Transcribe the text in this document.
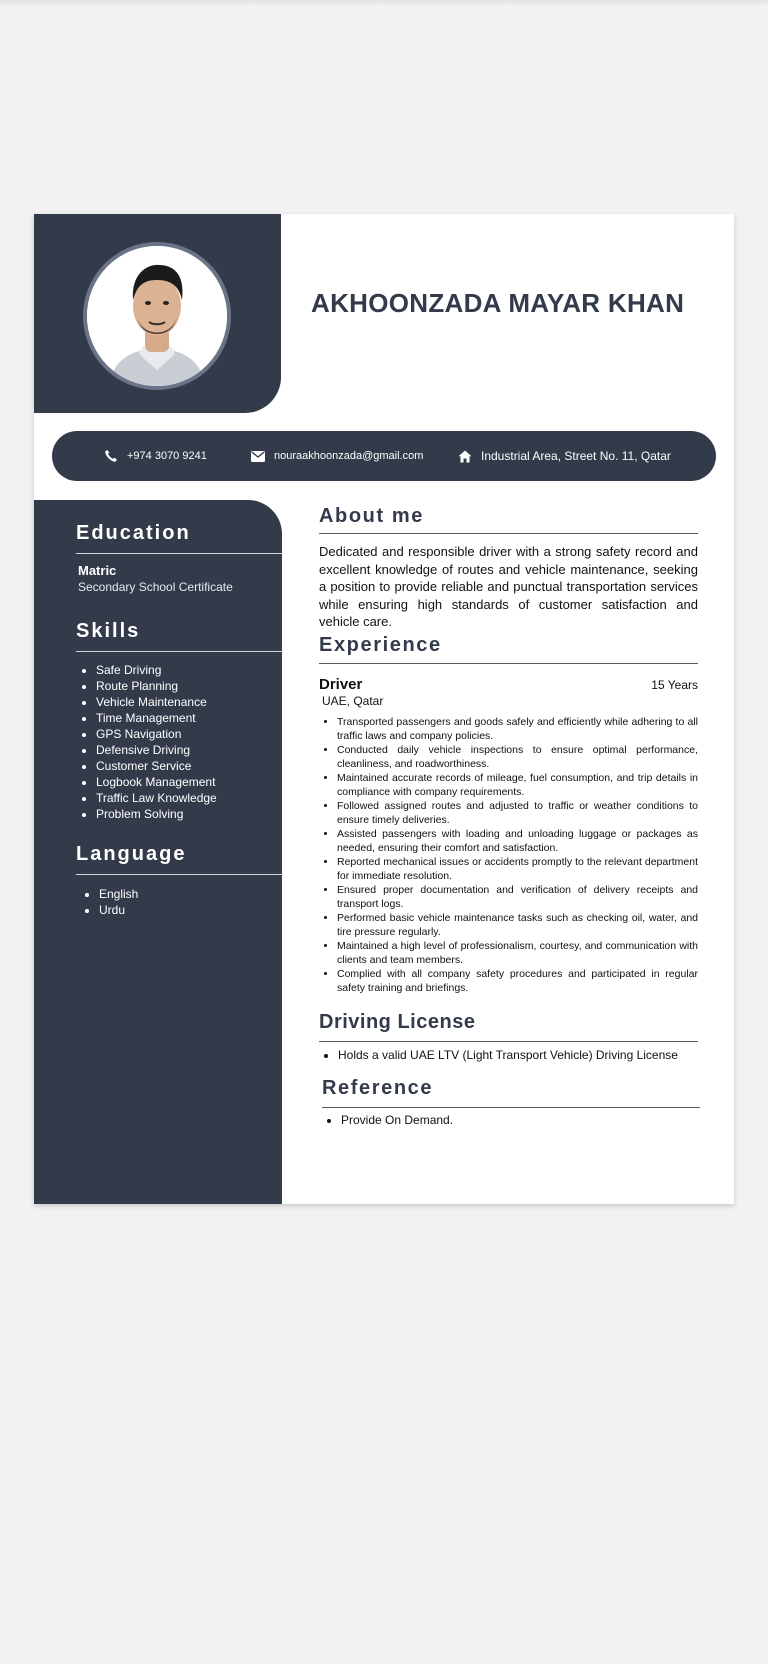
AKHOONZADA MAYAR KHAN
+974 3070 9241	nouraakhoonzada@gmail.com	Industrial Area, Street No. 11, Qatar
Education
Matric
Secondary School Certificate
Skills
• Safe Driving
• Route Planning
• Vehicle Maintenance
• Time Management
• GPS Navigation
• Defensive Driving
• Customer Service
• Logbook Management
• Traffic Law Knowledge
• Problem Solving
Language
• English
• Urdu
About me
Dedicated and responsible driver with a strong safety record and excellent knowledge of routes and vehicle maintenance, seeking a position to provide reliable and punctual transportation services while ensuring high standards of customer satisfaction and vehicle care.
Experience
Driver	15 Years
UAE, Qatar
• Transported passengers and goods safely and efficiently while adhering to all traffic laws and company policies.
• Conducted daily vehicle inspections to ensure optimal performance, cleanliness, and roadworthiness.
• Maintained accurate records of mileage, fuel consumption, and trip details in compliance with company requirements.
• Followed assigned routes and adjusted to traffic or weather conditions to ensure timely deliveries.
• Assisted passengers with loading and unloading luggage or packages as needed, ensuring their comfort and satisfaction.
• Reported mechanical issues or accidents promptly to the relevant department for immediate resolution.
• Ensured proper documentation and verification of delivery receipts and transport logs.
• Performed basic vehicle maintenance tasks such as checking oil, water, and tire pressure regularly.
• Maintained a high level of professionalism, courtesy, and communication with clients and team members.
• Complied with all company safety procedures and participated in regular safety training and briefings.
Driving License
• Holds a valid UAE LTV (Light Transport Vehicle) Driving License
Reference
• Provide On Demand.
